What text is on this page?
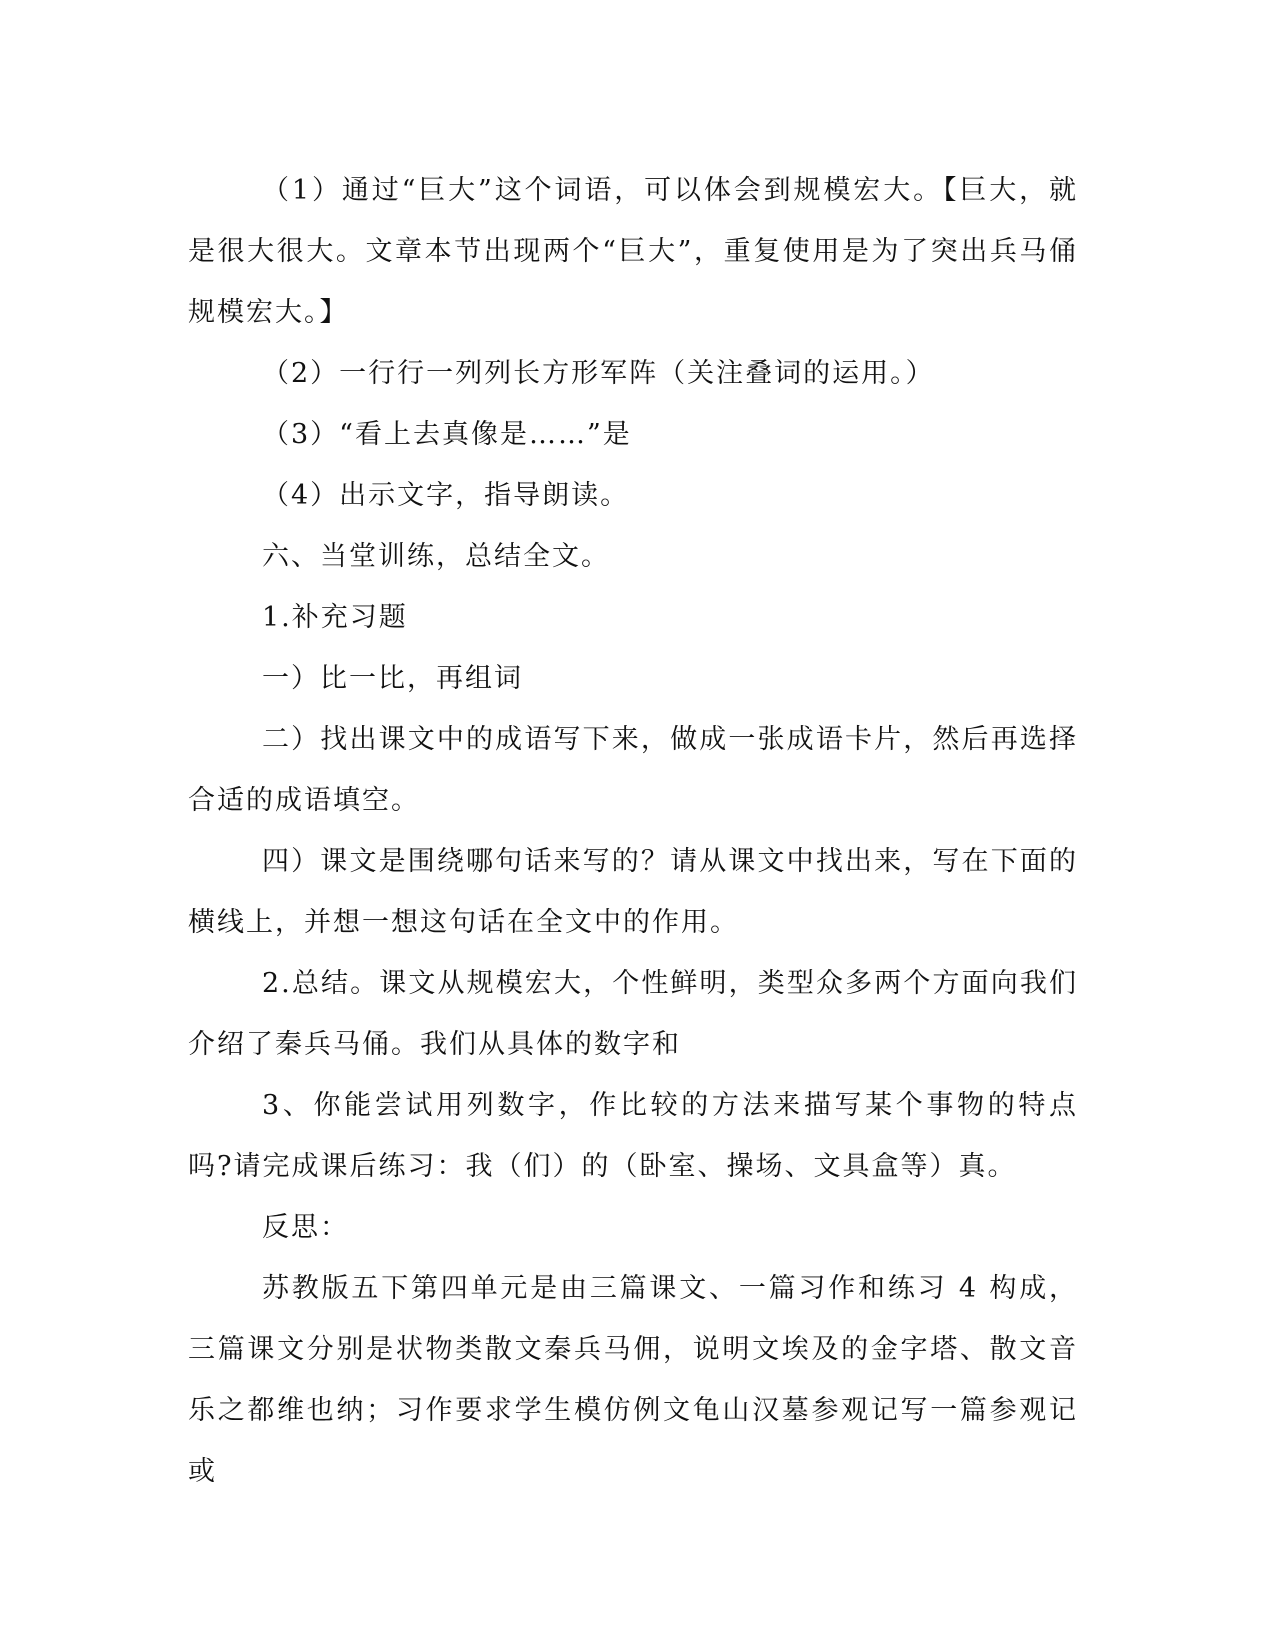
（1）通过“巨大”这个词语，可以体会到规模宏大。【巨大，就是很大很大。文章本节出现两个“巨大”，重复使用是为了突出兵马俑规模宏大。】

（2）一行行一列列长方形军阵（关注叠词的运用。）

（3）“看上去真像是……”是

（4）出示文字，指导朗读。

六、当堂训练，总结全文。

1.补充习题

一）比一比，再组词

二）找出课文中的成语写下来，做成一张成语卡片，然后再选择合适的成语填空。

四）课文是围绕哪句话来写的？请从课文中找出来，写在下面的横线上，并想一想这句话在全文中的作用。

2.总结。课文从规模宏大，个性鲜明，类型众多两个方面向我们介绍了秦兵马俑。我们从具体的数字和

3、你能尝试用列数字，作比较的方法来描写某个事物的特点吗?请完成课后练习：我（们）的（卧室、操场、文具盒等）真。

反思：

苏教版五下第四单元是由三篇课文、一篇习作和练习 4 构成，三篇课文分别是状物类散文秦兵马佣，说明文埃及的金字塔、散文音乐之都维也纳；习作要求学生模仿例文龟山汉墓参观记写一篇参观记或
